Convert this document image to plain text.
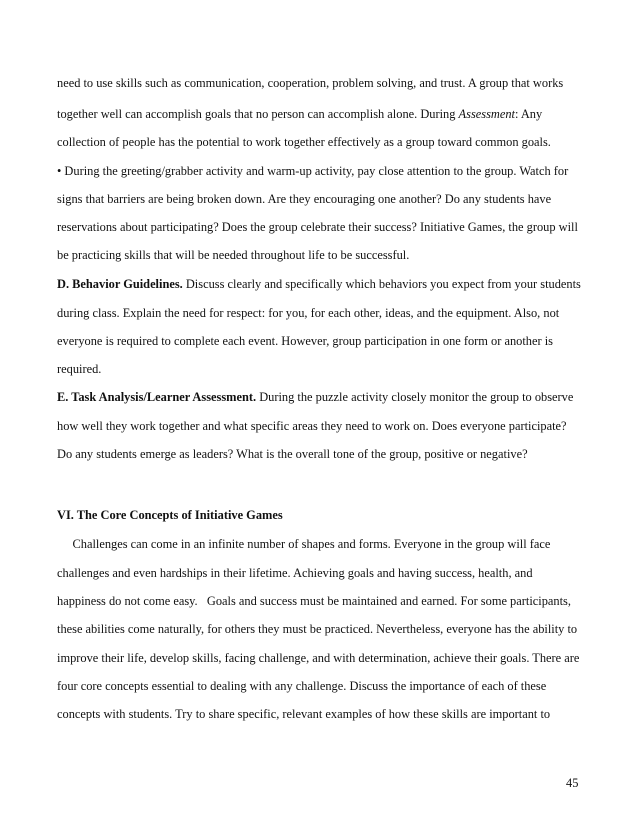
need to use skills such as communication, cooperation, problem solving, and trust. A group that works
together well can accomplish goals that no person can accomplish alone. During Assessment: Any
collection of people has the potential to work together effectively as a group toward common goals.
• During the greeting/grabber activity and warm-up activity, pay close attention to the group. Watch for
signs that barriers are being broken down. Are they encouraging one another? Do any students have
reservations about participating? Does the group celebrate their success? Initiative Games, the group will
be practicing skills that will be needed throughout life to be successful.
D. Behavior Guidelines. Discuss clearly and specifically which behaviors you expect from your students
during class. Explain the need for respect: for you, for each other, ideas, and the equipment. Also, not
everyone is required to complete each event. However, group participation in one form or another is
required.
E. Task Analysis/Learner Assessment. During the puzzle activity closely monitor the group to observe
how well they work together and what specific areas they need to work on. Does everyone participate?
Do any students emerge as leaders? What is the overall tone of the group, positive or negative?
VI. The Core Concepts of Initiative Games
Challenges can come in an infinite number of shapes and forms. Everyone in the group will face
challenges and even hardships in their lifetime. Achieving goals and having success, health, and
happiness do not come easy.   Goals and success must be maintained and earned. For some participants,
these abilities come naturally, for others they must be practiced. Nevertheless, everyone has the ability to
improve their life, develop skills, facing challenge, and with determination, achieve their goals. There are
four core concepts essential to dealing with any challenge. Discuss the importance of each of these
concepts with students. Try to share specific, relevant examples of how these skills are important to
45
